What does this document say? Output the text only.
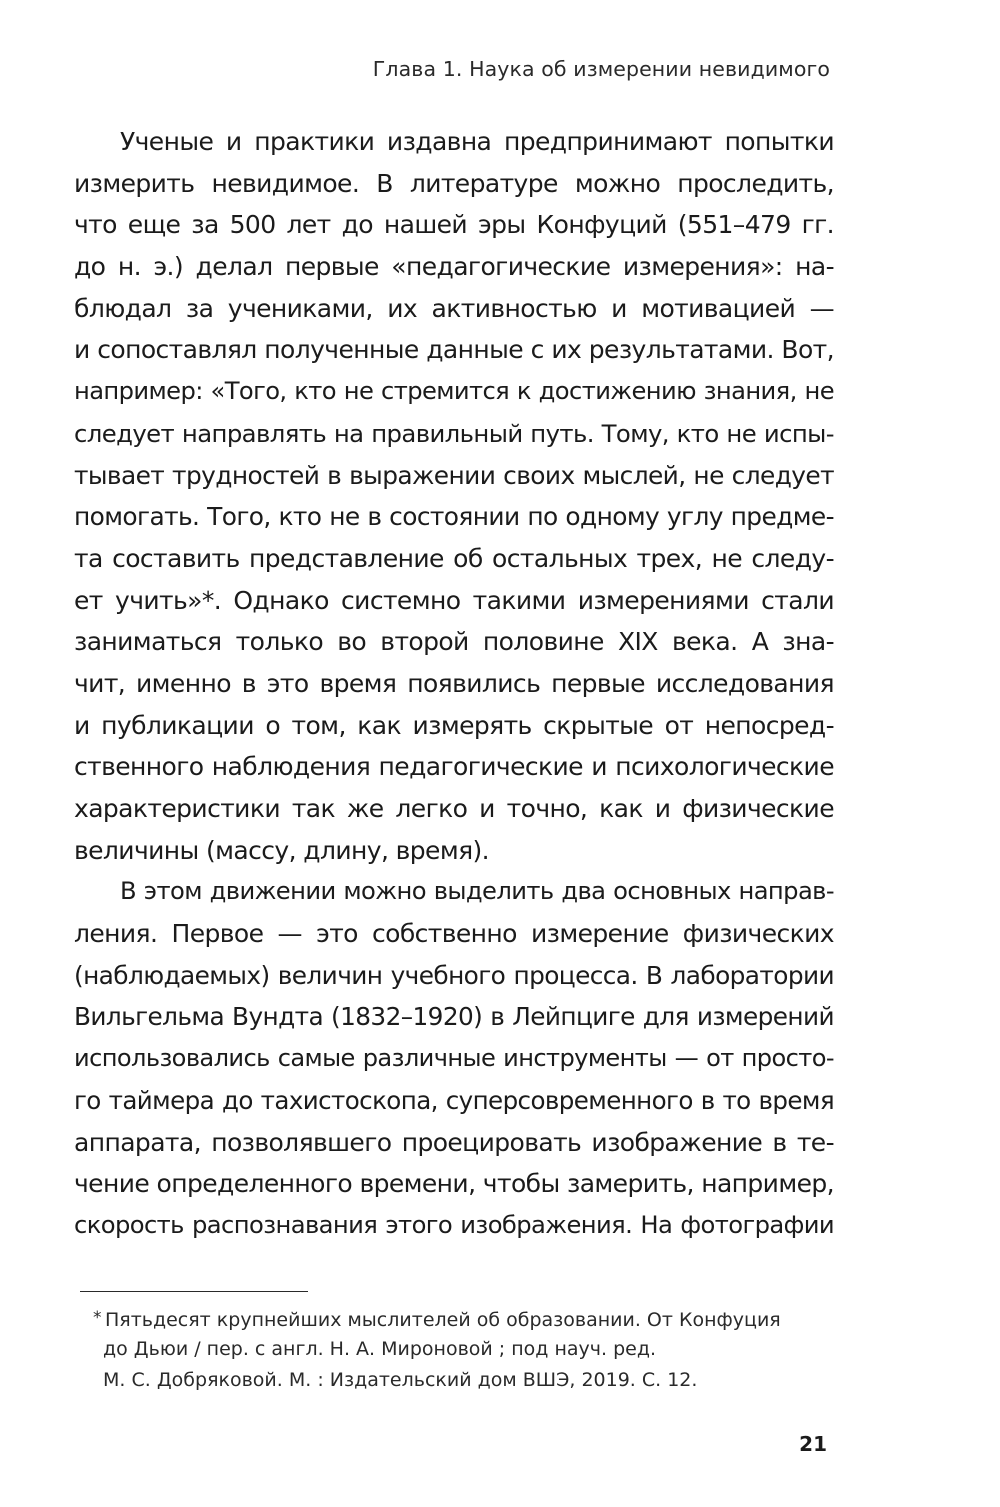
Глава 1. Наука об измерении невидимого
Ученые и практики издавна предпринимают попытки
измерить невидимое. В литературе можно проследить,
что еще за 500 лет до нашей эры Конфуций (551–479 гг.
до н. э.) делал первые «педагогические измерения»: на-
блюдал за учениками, их активностью и мотивацией —
и сопоставлял полученные данные с их результатами. Вот,
например: «Того, кто не стремится к достижению знания, не
следует направлять на правильный путь. Тому, кто не испы-
тывает трудностей в выражении своих мыслей, не следует
помогать. Того, кто не в состоянии по одному углу предме-
та составить представление об остальных трех, не следу-
ет учить»*. Однако системно такими измерениями стали
заниматься только во второй половине XIX века. А зна-
чит, именно в это время появились первые исследования
и публикации о том, как измерять скрытые от непосред-
ственного наблюдения педагогические и психологические
характеристики так же легко и точно, как и физические
величины (массу, длину, время).
В этом движении можно выделить два основных направ-
ления. Первое — это собственно измерение физических
(наблюдаемых) величин учебного процесса. В лаборатории
Вильгельма Вундта (1832–1920) в Лейпциге для измерений
использовались самые различные инструменты — от просто-
го таймера до тахистоскопа, суперсовременного в то время
аппарата, позволявшего проецировать изображение в те-
чение определенного времени, чтобы замерить, например,
скорость распознавания этого изображения. На фотографии
* Пятьдесят крупнейших мыслителей об образовании. От Конфуция
до Дьюи / пер. с англ. Н. А. Мироновой ; под науч. ред.
М. С. Добряковой. М. : Издательский дом ВШЭ, 2019. С. 12.
21
